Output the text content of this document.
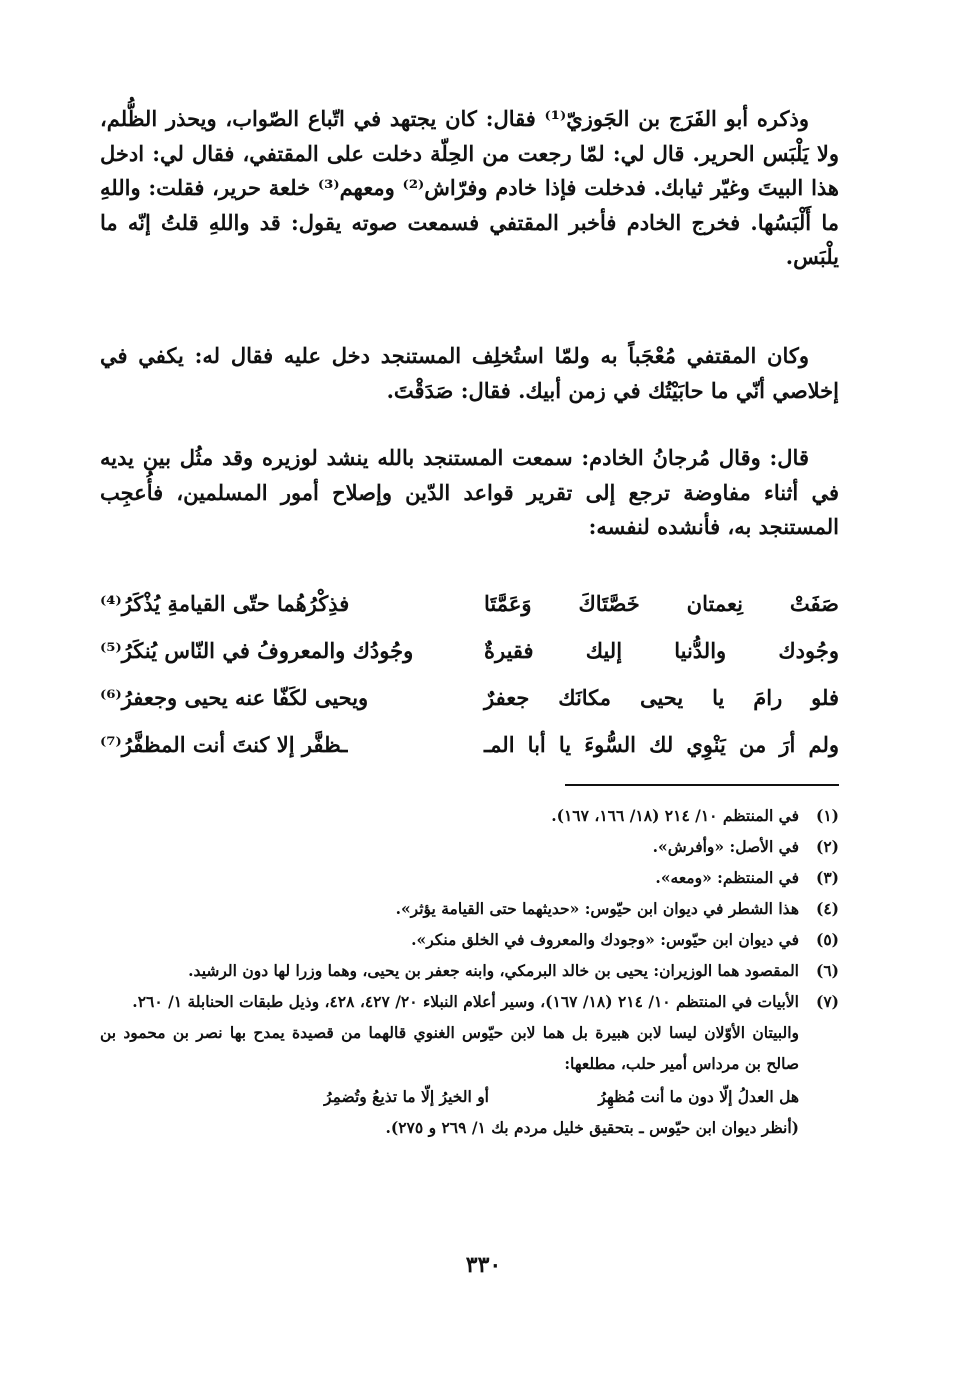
وذكره أبو الفَرَج بن الجَوزيّ⁽¹⁾ فقال: كان يجتهد في اتّباع الصّواب، ويحذر الظُّلم، ولا يَلْبَس الحرير. قال لي: لمّا رجعت من الحِلّة دخلت على المقتفي، فقال لي: ادخل هذا البيتَ وغيّر ثيابك. فدخلت فإذا خادم وفرّاش⁽²⁾ ومعهم⁽³⁾ خلعة حرير، فقلت: واللهِ ما أَلْبَسُها. فخرج الخادم فأخبر المقتفي فسمعت صوته يقول: قد واللهِ قلتُ إنّه ما يلْبَس.

وكان المقتفي مُعْجَباً به ولمّا استُخلِف المستنجد دخل عليه فقال له: يكفي في إخلاصي أنّي ما حابَيْتُك في زمن أبيك. فقال: صَدَقْتَ.

قال: وقال مُرجانُ الخادم: سمعت المستنجد بالله ينشد لوزيره وقد مثُل بين يديه في أثناء مفاوضة ترجع إلى تقرير قواعد الدّين وإصلاح أمور المسلمين، فأُعجِب المستنجد به، فأنشده لنفسه:

صَفَتْ نِعمتان خَصَّتَاكَ وَعَمَّتَا
فذِكْرُهُما حتّى القيامةِ يُذْكَرُ⁽⁴⁾
وجُودك والدُّنيا إليك فقيرةٌ
وجُودُك والمعروفُ في النّاس يُنكَرُ⁽⁵⁾
فلو رامَ يا يحيى مكانَك جعفرٌ
ويحيى لكَفّا عنه يحيى وجعفرُ⁽⁶⁾
ولم أرَ من يَنْوِي لك السُّوءَ يا أبا المـ
ـظفَّر إلا كنتَ أنت المظفَّرُ⁽⁷⁾

(١)
في المنتظم ١٠/ ٢١٤ (١٨/ ١٦٦، ١٦٧).

(٢)
في الأصل: «وأفرش».

(٣)
في المنتظم: «ومعه».

(٤)
هذا الشطر في ديوان ابن حيّوس: «حديثهما حتى القيامة يؤثر».

(٥)
في ديوان ابن حيّوس: «وجودك والمعروف في الخلق منكر».

(٦)
المقصود هما الوزيران: يحيى بن خالد البرمكي، وابنه جعفر بن يحيى، وهما وزرا لها دون الرشيد.

(٧)
الأبيات في المنتظم ١٠/ ٢١٤ (١٨/ ١٦٧)، وسير أعلام النبلاء ٢٠/ ٤٢٧، ٤٢٨، وذيل طبقات الحنابلة ١/ ٢٦٠.

والبيتان الأوّلان ليسا لابن هبيرة بل هما لابن حيّوس الغنوي قالهما من قصيدة يمدح بها نصر بن محمود بن صالح بن مرداس أمير حلب، مطلعها:

هل العدلُ إلّا دون ما أنت مُظهِرُ
أو الخيرُ إلّا ما تذيعُ وتُضمِرُ

(أنظر ديوان ابن حيّوس ـ بتحقيق خليل مردم بك ١/ ٢٦٩ و ٢٧٥).

٣٣٠
